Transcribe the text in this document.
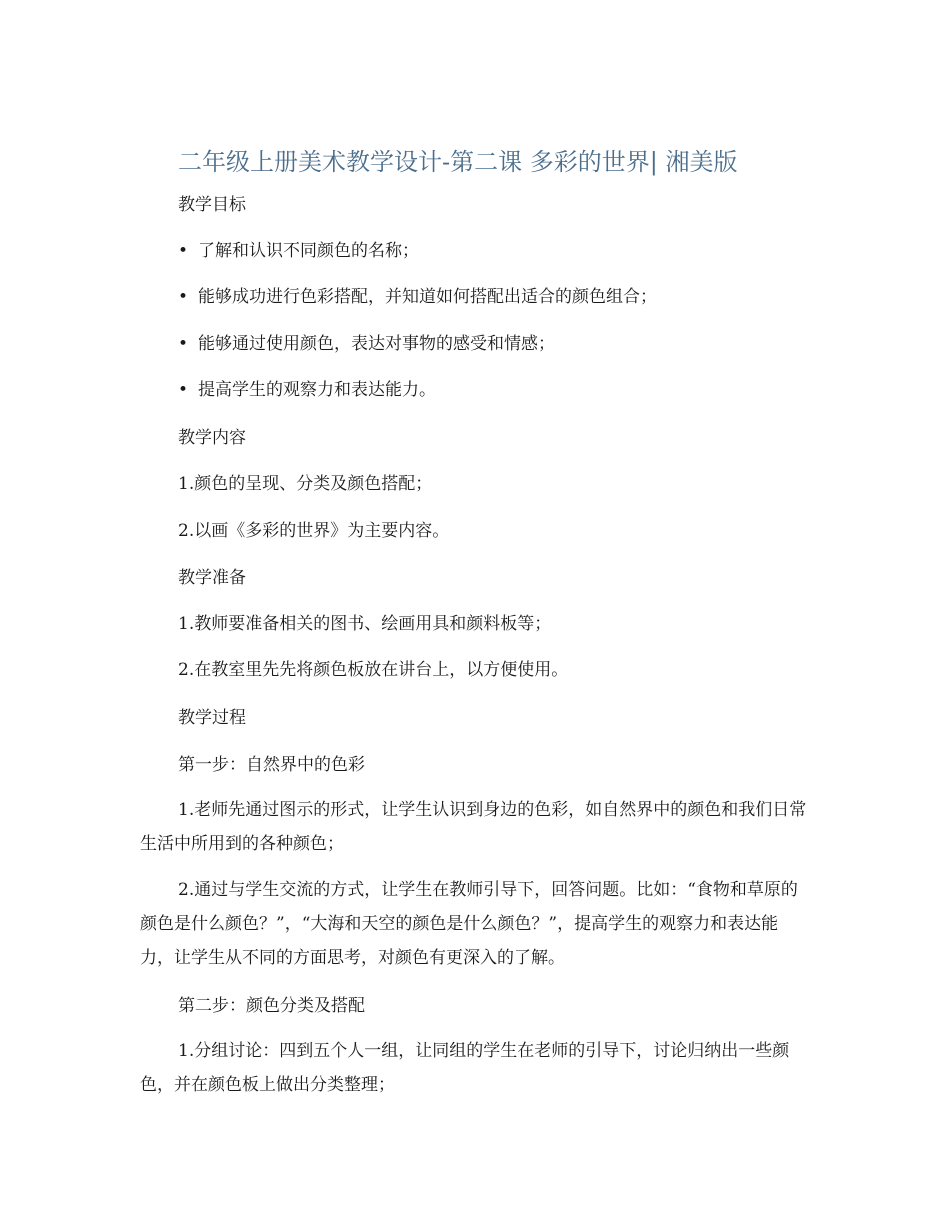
二年级上册美术教学设计-第二课 多彩的世界| 湘美版
教学目标
• 了解和认识不同颜色的名称；
• 能够成功进行色彩搭配，并知道如何搭配出适合的颜色组合；
• 能够通过使用颜色，表达对事物的感受和情感；
• 提高学生的观察力和表达能力。
教学内容
1.颜色的呈现、分类及颜色搭配；
2.以画《多彩的世界》为主要内容。
教学准备
1.教师要准备相关的图书、绘画用具和颜料板等；
2.在教室里先先将颜色板放在讲台上，以方便使用。
教学过程
第一步：自然界中的色彩
1.老师先通过图示的形式，让学生认识到身边的色彩，如自然界中的颜色和我们日常生活中所用到的各种颜色；
2.通过与学生交流的方式，让学生在教师引导下，回答问题。比如：“食物和草原的颜色是什么颜色？”，“大海和天空的颜色是什么颜色？”，提高学生的观察力和表达能力，让学生从不同的方面思考，对颜色有更深入的了解。
第二步：颜色分类及搭配
1.分组讨论：四到五个人一组，让同组的学生在老师的引导下，讨论归纳出一些颜色，并在颜色板上做出分类整理；
